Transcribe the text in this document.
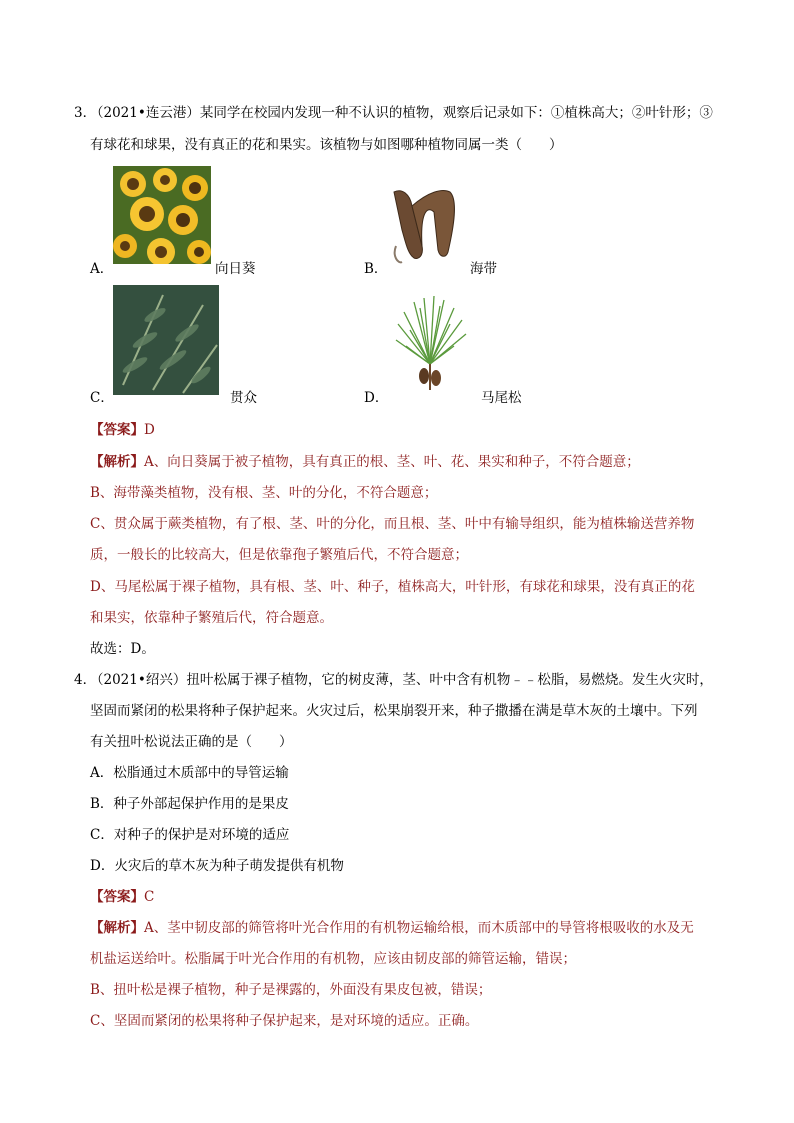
3．
（2021•连云港）某同学在校园内发现一种不认识的植物，观察后记录如下：①植株高大；②叶针形；③
有球花和球果，没有真正的花和果实。该植物与如图哪种植物同属一类（　　）
A．	向日葵	B．	海带
C．	贯众	D．	马尾松
【答案】D
【解析】A、向日葵属于被子植物，具有真正的根、茎、叶、花、果实和种子，不符合题意；
B、海带藻类植物，没有根、茎、叶的分化，不符合题意；
C、贯众属于蕨类植物，有了根、茎、叶的分化，而且根、茎、叶中有输导组织，能为植株输送营养物
质，一般长的比较高大，但是依靠孢子繁殖后代，不符合题意；
D、马尾松属于裸子植物，具有根、茎、叶、种子，植株高大，叶针形，有球花和球果，没有真正的花
和果实，依靠种子繁殖后代，符合题意。
故选：D。
4．
（2021•绍兴）扭叶松属于裸子植物，它的树皮薄，茎、叶中含有机物﹣﹣松脂，易燃烧。发生火灾时，
坚固而紧闭的松果将种子保护起来。火灾过后，松果崩裂开来，种子撒播在满是草木灰的土壤中。下列
有关扭叶松说法正确的是（　　）
A．松脂通过木质部中的导管运输
B．种子外部起保护作用的是果皮
C．对种子的保护是对环境的适应
D．火灾后的草木灰为种子萌发提供有机物
【答案】C
【解析】A、茎中韧皮部的筛管将叶光合作用的有机物运输给根，而木质部中的导管将根吸收的水及无
机盐运送给叶。松脂属于叶光合作用的有机物，应该由韧皮部的筛管运输，错误；
B、扭叶松是裸子植物，种子是裸露的，外面没有果皮包被，错误；
C、坚固而紧闭的松果将种子保护起来，是对环境的适应。正确。
